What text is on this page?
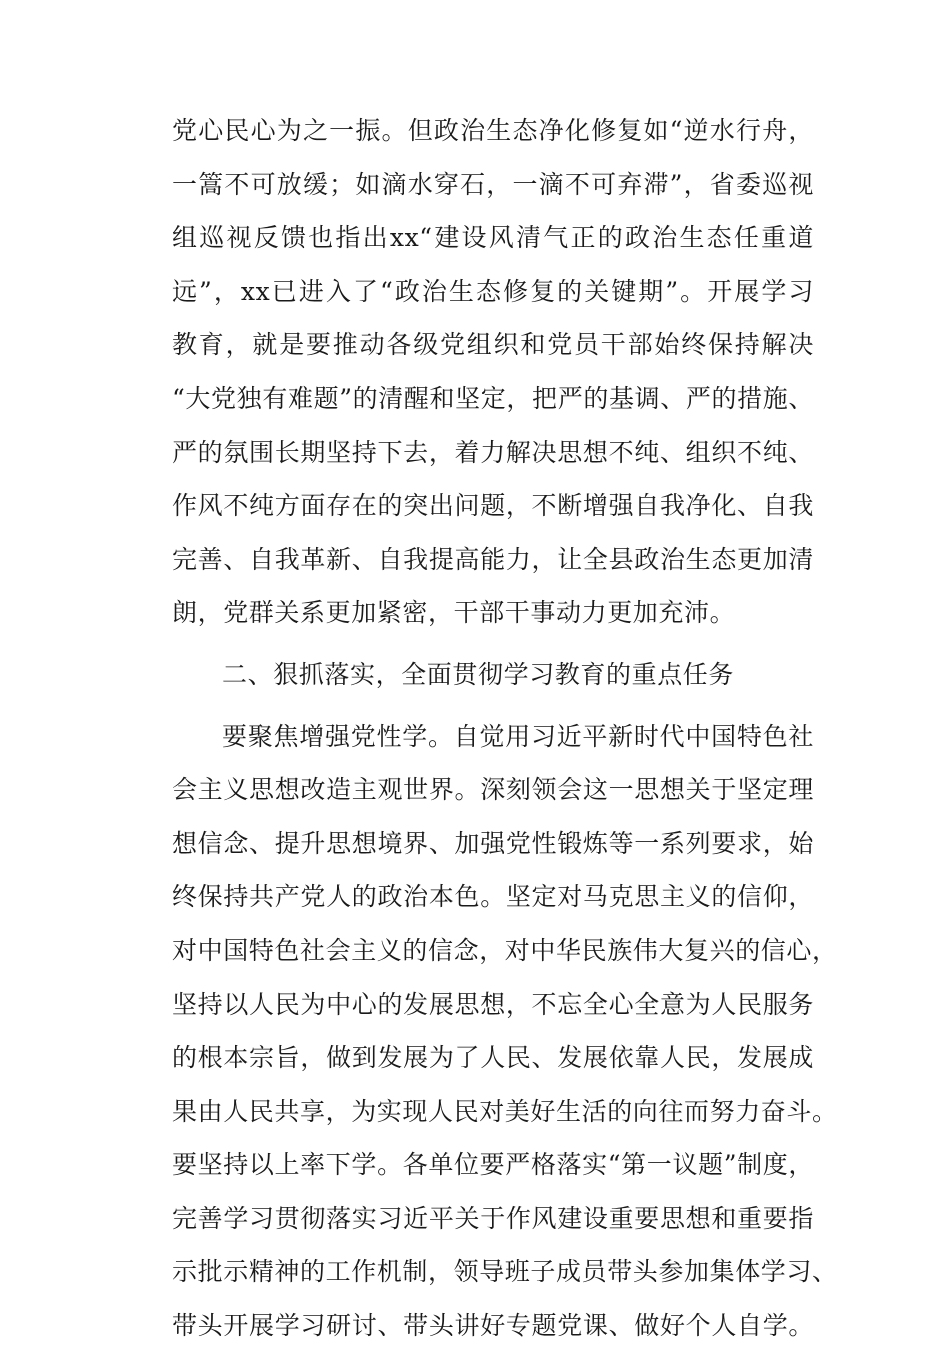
党心民心为之一振。但政治生态净化修复如“逆水行舟，
一篙不可放缓；如滴水穿石，一滴不可弃滞”，省委巡视
组巡视反馈也指出xx“建设风清气正的政治生态任重道
远”，xx已进入了“政治生态修复的关键期”。开展学习
教育，就是要推动各级党组织和党员干部始终保持解决
“大党独有难题”的清醒和坚定，把严的基调、严的措施、
严的氛围长期坚持下去，着力解决思想不纯、组织不纯、
作风不纯方面存在的突出问题，不断增强自我净化、自我
完善、自我革新、自我提高能力，让全县政治生态更加清
朗，党群关系更加紧密，干部干事动力更加充沛。
二、狠抓落实，全面贯彻学习教育的重点任务
要聚焦增强党性学。自觉用习近平新时代中国特色社
会主义思想改造主观世界。深刻领会这一思想关于坚定理
想信念、提升思想境界、加强党性锻炼等一系列要求，始
终保持共产党人的政治本色。坚定对马克思主义的信仰，
对中国特色社会主义的信念，对中华民族伟大复兴的信心，
坚持以人民为中心的发展思想，不忘全心全意为人民服务
的根本宗旨，做到发展为了人民、发展依靠人民，发展成
果由人民共享，为实现人民对美好生活的向往而努力奋斗。
要坚持以上率下学。各单位要严格落实“第一议题”制度，
完善学习贯彻落实习近平关于作风建设重要思想和重要指
示批示精神的工作机制，领导班子成员带头参加集体学习、
带头开展学习研讨、带头讲好专题党课、做好个人自学。
